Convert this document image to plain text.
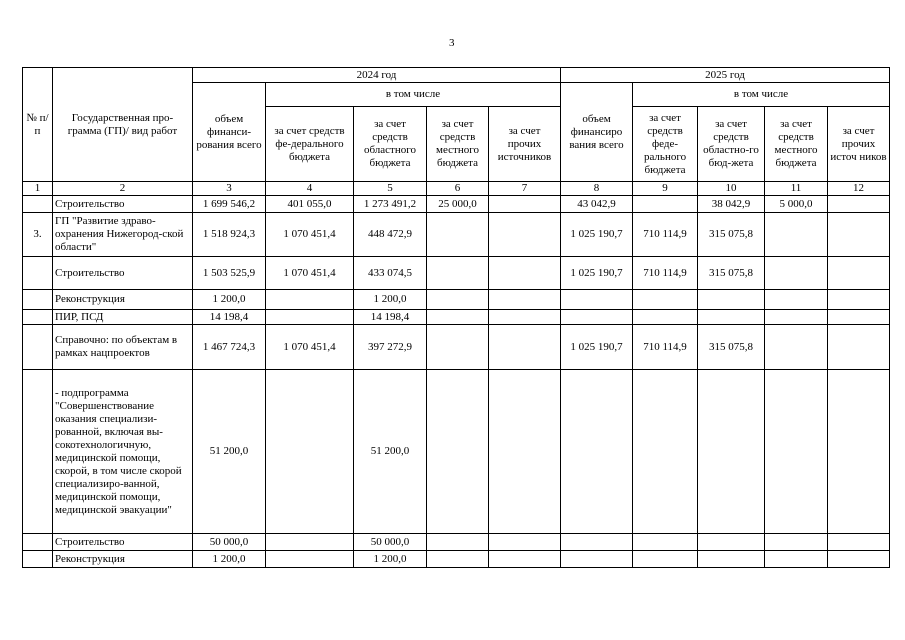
3
№ п/п	Государственная про-грамма (ГП)/ вид работ	2024 год					2025 год				
		объем финанси-рования всего	в том числе				объем финансиро вания всего	в том числе			
			за счет средств фе-дерального бюджета	за счет средств областного бюджета	за счет средств местного бюджета	за счет прочих источников		за счет средств феде-рального бюджета	за счет средств областно-го бюд-жета	за счет средств местного бюджета	за счет прочих источ ников
1	2	3	4	5	6	7	8	9	10	11	12
	Строительство	1 699 546,2	401 055,0	1 273 491,2	25 000,0		43 042,9		38 042,9	5 000,0	
3.	ГП "Развитие здраво-охранения Нижегород-ской области"	1 518 924,3	1 070 451,4	448 472,9			1 025 190,7	710 114,9	315 075,8		
	Строительство	1 503 525,9	1 070 451,4	433 074,5			1 025 190,7	710 114,9	315 075,8		
	Реконструкция	1 200,0		1 200,0							
	ПИР, ПСД	14 198,4		14 198,4							
	Справочно: по объектам в рамках нацпроектов	1 467 724,3	1 070 451,4	397 272,9			1 025 190,7	710 114,9	315 075,8		
	- подпрограмма "Совершенствование оказания специализи-рованной, включая вы-сокотехнологичную, медицинской помощи, скорой, в том числе скорой специализиро-ванной, медицинской помощи, медицинской эвакуации"	51 200,0		51 200,0							
	Строительство	50 000,0		50 000,0							
	Реконструкция	1 200,0		1 200,0							
